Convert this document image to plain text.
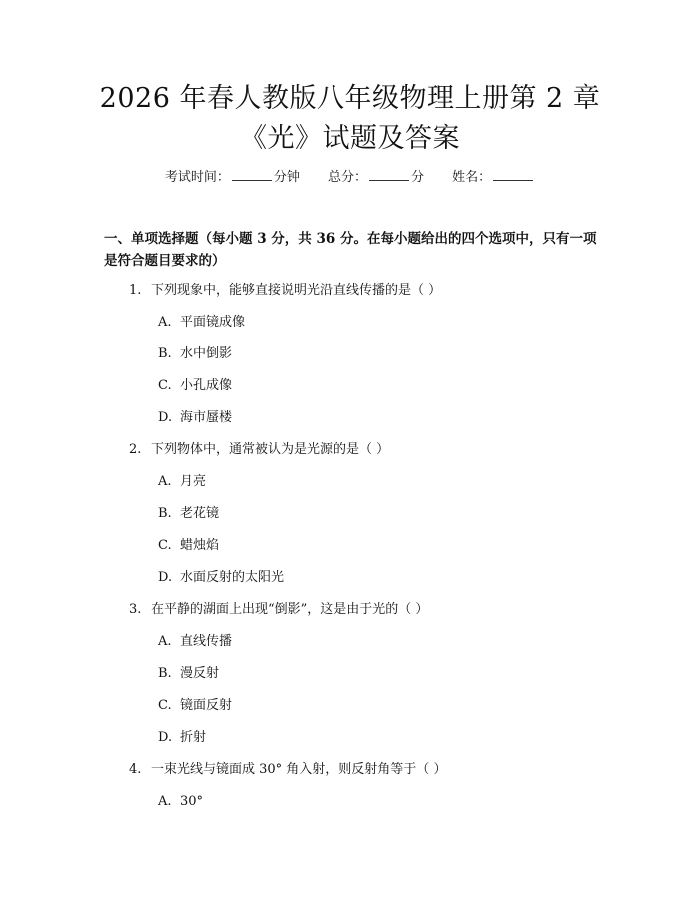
2026 年春人教版八年级物理上册第 2 章
《光》试题及答案
考试时间：	分钟 总分：	分 姓名：
一、单项选择题（每小题 3 分，共 36 分。在每小题给出的四个选项中，只有一项是符合题目要求的）
1. 下列现象中，能够直接说明光沿直线传播的是（ ）
A. 平面镜成像
B. 水中倒影
C. 小孔成像
D. 海市蜃楼
2. 下列物体中，通常被认为是光源的是（ ）
A. 月亮
B. 老花镜
C. 蜡烛焰
D. 水面反射的太阳光
3. 在平静的湖面上出现“倒影”，这是由于光的（ ）
A. 直线传播
B. 漫反射
C. 镜面反射
D. 折射
4. 一束光线与镜面成 30° 角入射，则反射角等于（ ）
A. 30°
